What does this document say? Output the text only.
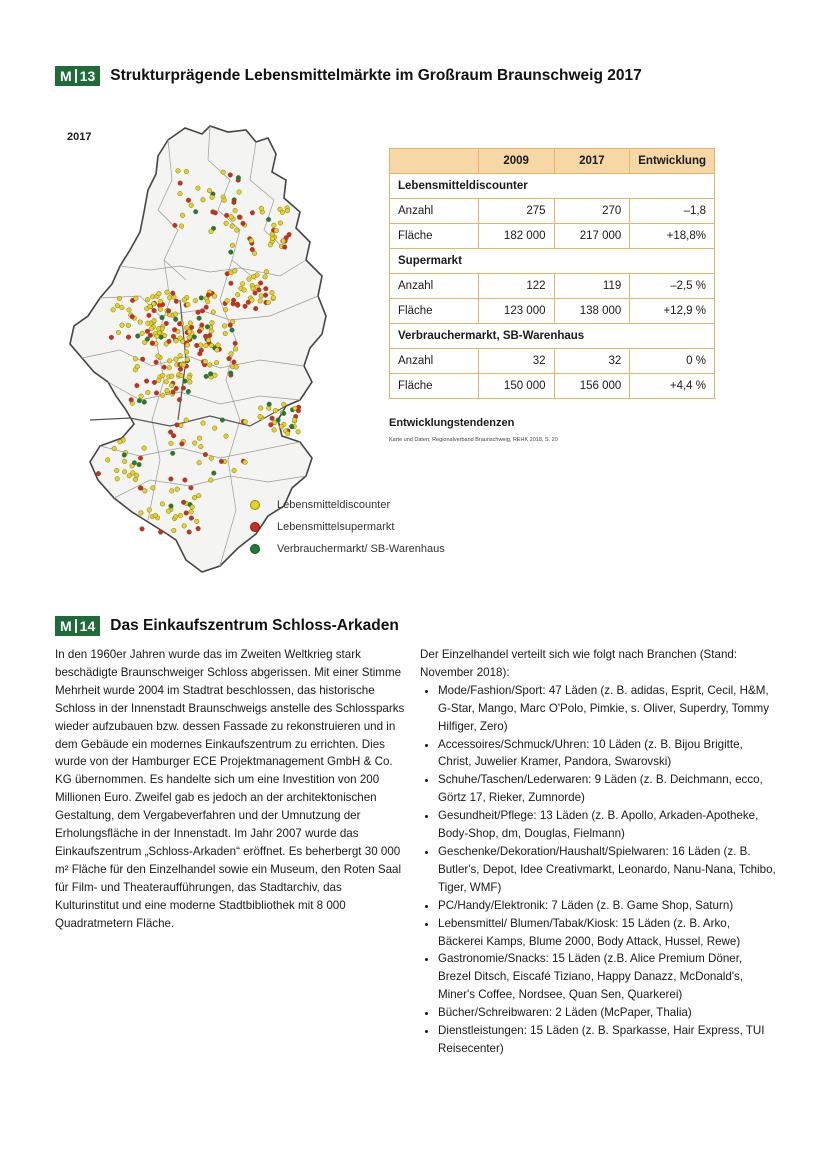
M 13 Strukturprägende Lebensmittelmärkte im Großraum Braunschweig 2017
2017
Lebensmitteldiscounter
Lebensmittelsupermarkt
Verbrauchermarkt/ SB-Warenhaus
	2009	2017	Entwicklung
Lebensmitteldiscounter			
Anzahl	275	270	–1,8
Fläche	182 000	217 000	+18,8%
Supermarkt			
Anzahl	122	119	–2,5 %
Fläche	123 000	138 000	+12,9 %
Verbrauchermarkt, SB-Warenhaus			
Anzahl	32	32	0 %
Fläche	150 000	156 000	+4,4 %
Entwicklungstendenzen
Karte und Daten: Regionalverband Braunschweig, REHK 2018, S. 20
M 14 Das Einkaufszentrum Schloss-Arkaden
In den 1960er Jahren wurde das im Zweiten Weltkrieg stark beschädigte Braunschweiger Schloss abgerissen. Mit einer Stimme Mehrheit wurde 2004 im Stadtrat beschlossen, das historische Schloss in der Innenstadt Braunschweigs anstelle des Schlossparks wieder aufzubauen bzw. dessen Fassade zu rekonstruieren und in dem Gebäude ein modernes Einkaufszentrum zu errichten. Dies wurde von der Hamburger ECE Projektmanagement GmbH & Co. KG übernommen. Es handelte sich um eine Investition von 200 Millionen Euro. Zweifel gab es jedoch an der architektonischen Gestaltung, dem Vergabeverfahren und der Umnutzung der Erholungsfläche in der Innenstadt. Im Jahr 2007 wurde das Einkaufszentrum „Schloss-Arkaden“ eröffnet. Es beherbergt 30 000 m² Fläche für den Einzelhandel sowie ein Museum, den Roten Saal für Film- und Theateraufführungen, das Stadtarchiv, das Kulturinstitut und eine moderne Stadtbibliothek mit 8 000 Quadratmetern Fläche.
Der Einzelhandel verteilt sich wie folgt nach Branchen (Stand: November 2018):
• Mode/Fashion/Sport: 47 Läden (z. B. adidas, Esprit, Cecil, H&M, G-Star, Mango, Marc O'Polo, Pimkie, s. Oliver, Superdry, Tommy Hilfiger, Zero)
• Accessoires/Schmuck/Uhren: 10 Läden (z. B. Bijou Brigitte, Christ, Juwelier Kramer, Pandora, Swarovski)
• Schuhe/Taschen/Lederwaren: 9 Läden (z. B. Deichmann, ecco, Görtz 17, Rieker, Zumnorde)
• Gesundheit/Pflege: 13 Läden (z. B. Apollo, Arkaden-Apotheke, Body-Shop, dm, Douglas, Fielmann)
• Geschenke/Dekoration/Haushalt/Spielwaren: 16 Läden (z. B. Butler's, Depot, Idee Creativmarkt, Leonardo, Nanu-Nana, Tchibo, Tiger, WMF)
• PC/Handy/Elektronik: 7 Läden (z. B. Game Shop, Saturn)
• Lebensmittel/ Blumen/Tabak/Kiosk: 15 Läden (z. B. Arko, Bäckerei Kamps, Blume 2000, Body Attack, Hussel, Rewe)
• Gastronomie/Snacks: 15 Läden (z.B. Alice Premium Döner, Brezel Ditsch, Eiscafé Tiziano, Happy Danazz, McDonald's, Miner's Coffee, Nordsee, Quan Sen, Quarkerei)
• Bücher/Schreibwaren: 2 Läden (McPaper, Thalia)
• Dienstleistungen: 15 Läden (z. B. Sparkasse, Hair Express, TUI Reisecenter)
